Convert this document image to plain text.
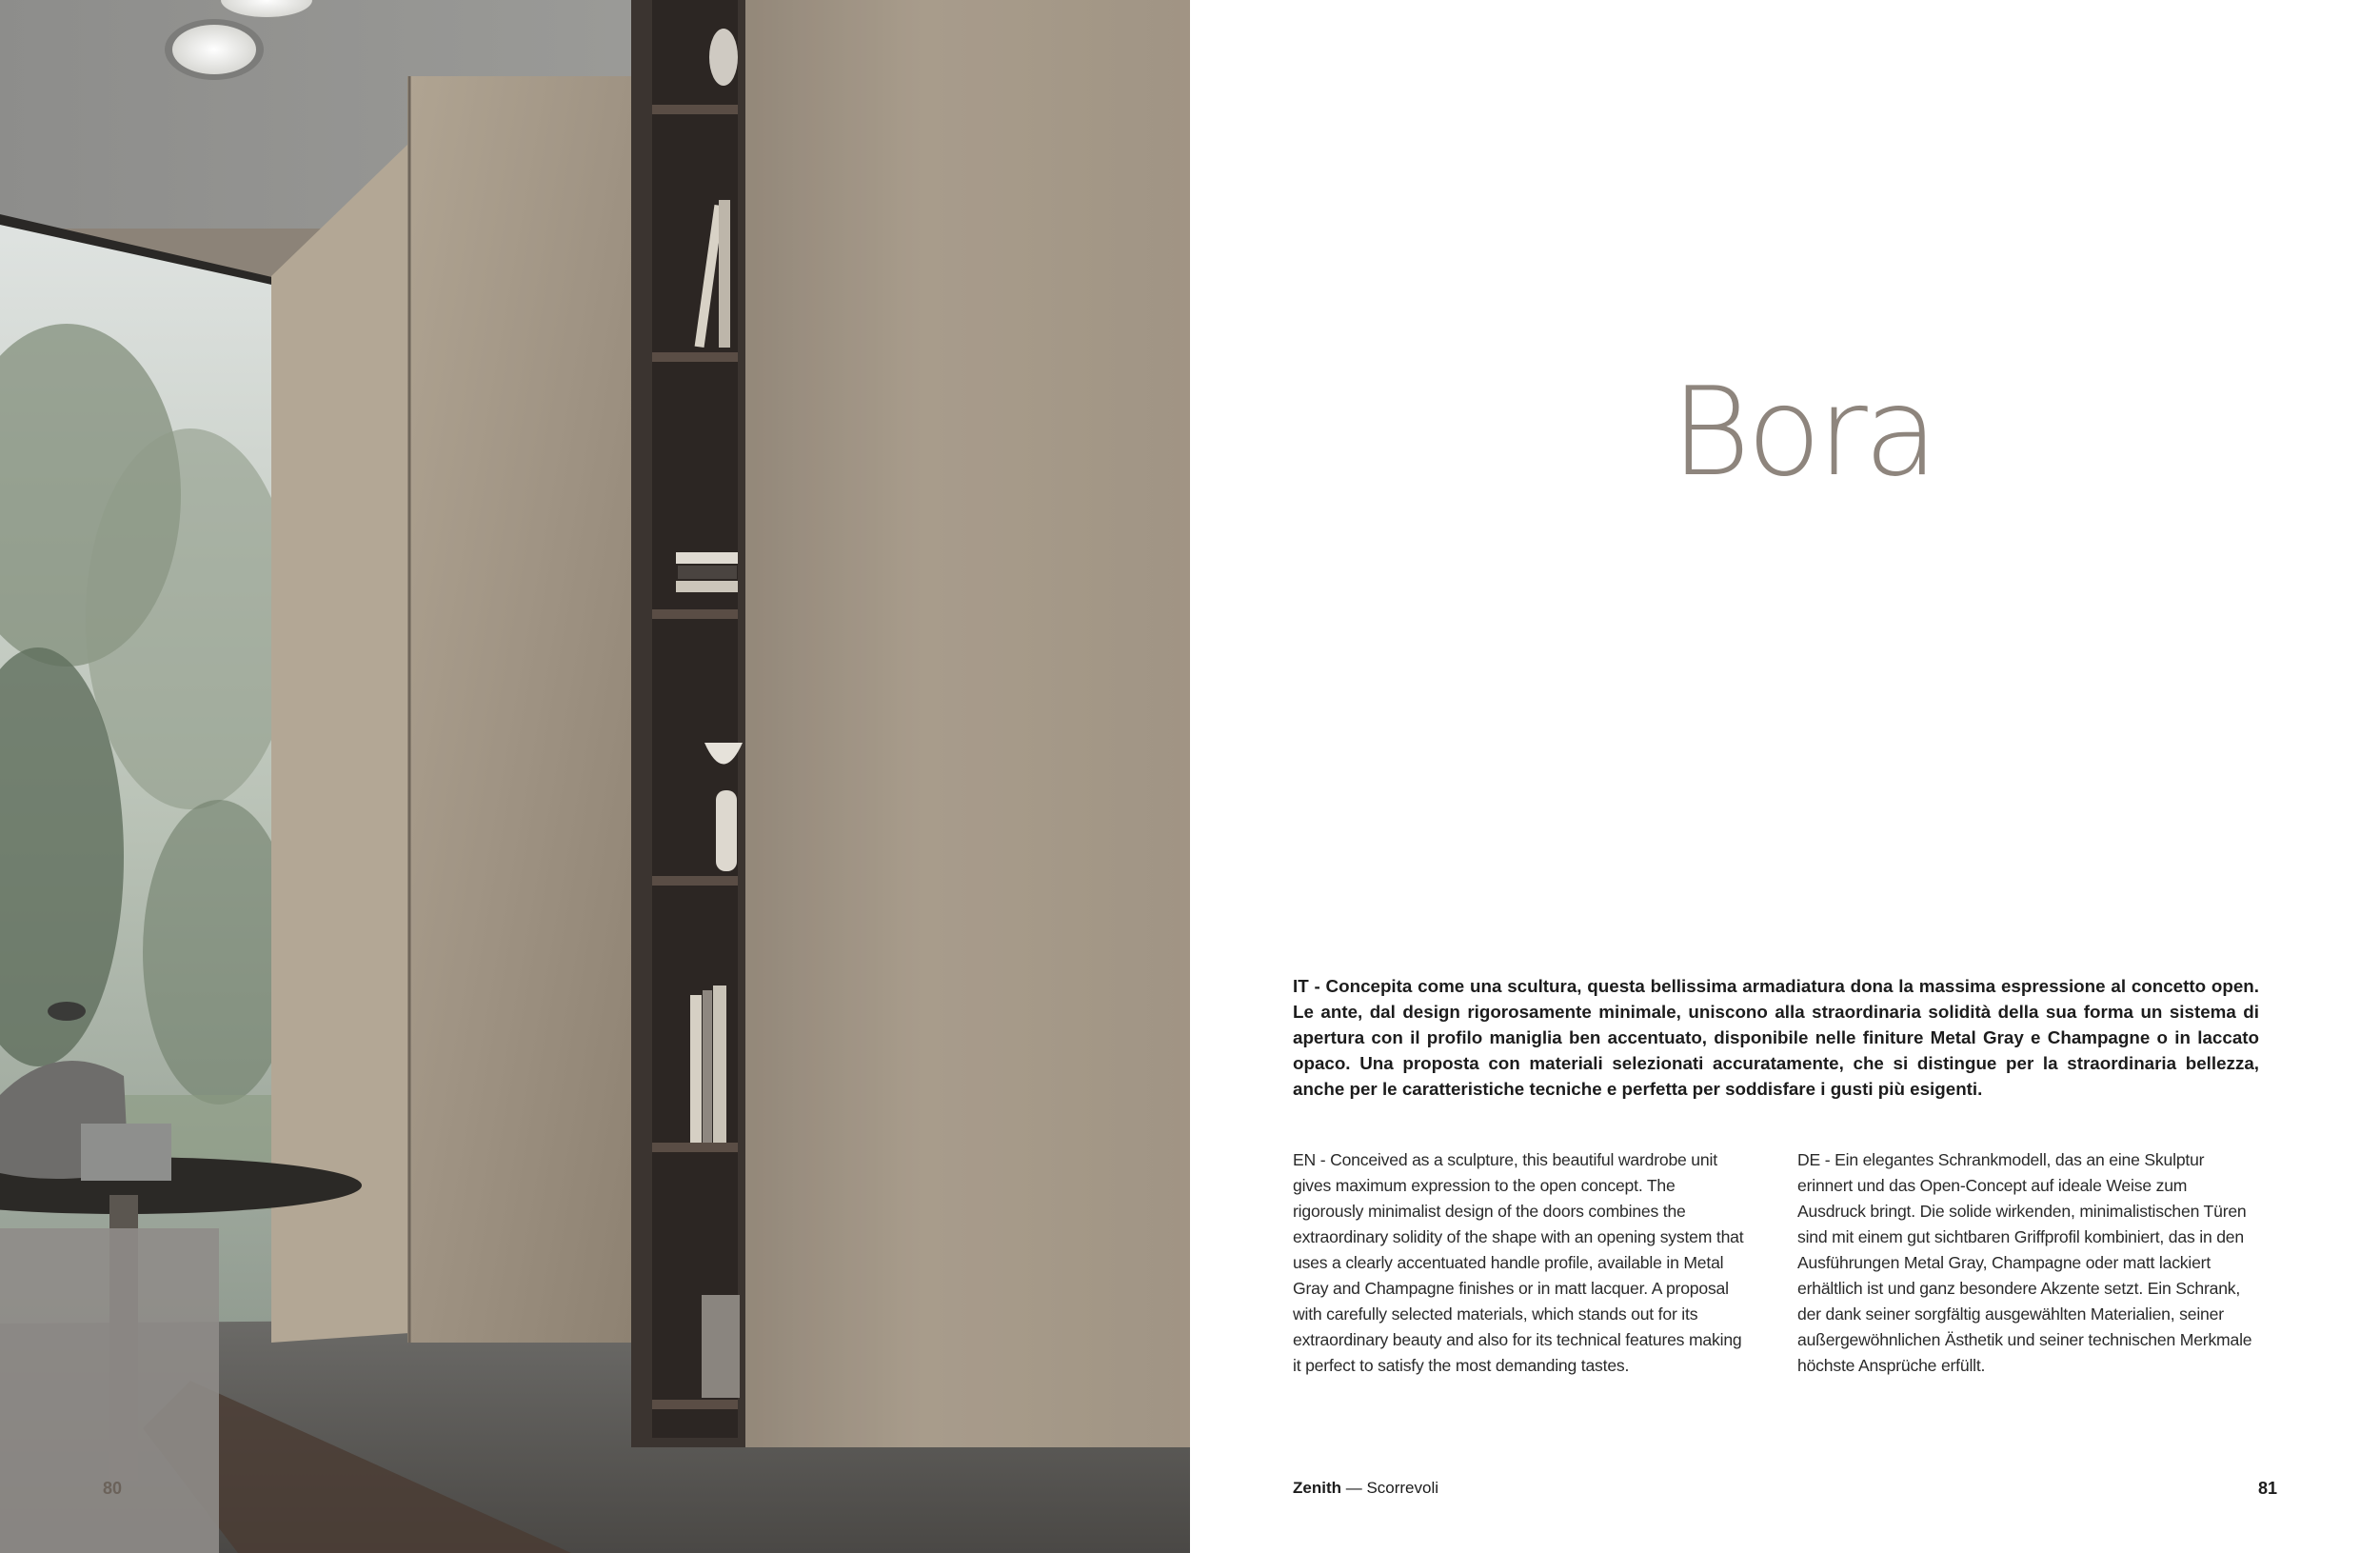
80
Bora
IT - Concepita come una scultura, questa bellissima armadiatura dona la massima espressione al concetto open. Le ante, dal design rigorosamente minimale, uniscono alla straordinaria solidità della sua forma un sistema di apertura con il profilo maniglia ben accentuato, disponibile nelle finiture Metal Gray e Champagne o in laccato opaco. Una proposta con materiali selezionati accuratamente, che si distingue per la straordinaria bellezza, anche per le caratteristiche tecniche e perfetta per soddisfare i gusti più esigenti.
EN - Conceived as a sculpture, this beautiful wardrobe unit gives maximum expression to the open concept. The rigorously minimalist design of the doors combines the extraordinary solidity of the shape with an opening system that uses a clearly accentuated handle profile, available in Metal Gray and Champagne finishes or in matt lacquer. A proposal with carefully selected materials, which stands out for its extraordinary beauty and also for its technical features making it perfect to satisfy the most demanding tastes.
DE - Ein elegantes Schrankmodell, das an eine Skulptur erinnert und das Open-Concept auf ideale Weise zum Ausdruck bringt. Die solide wirkenden, minimalistischen Türen sind mit einem gut sichtbaren Griffprofil kombiniert, das in den Ausführungen Metal Gray, Champagne oder matt lackiert erhältlich ist und ganz besondere Akzente setzt. Ein Schrank, der dank seiner sorgfältig ausgewählten Materialien, seiner außergewöhnlichen Ästhetik und seiner technischen Merkmale höchste Ansprüche erfüllt.
Zenith — Scorrevoli	81
